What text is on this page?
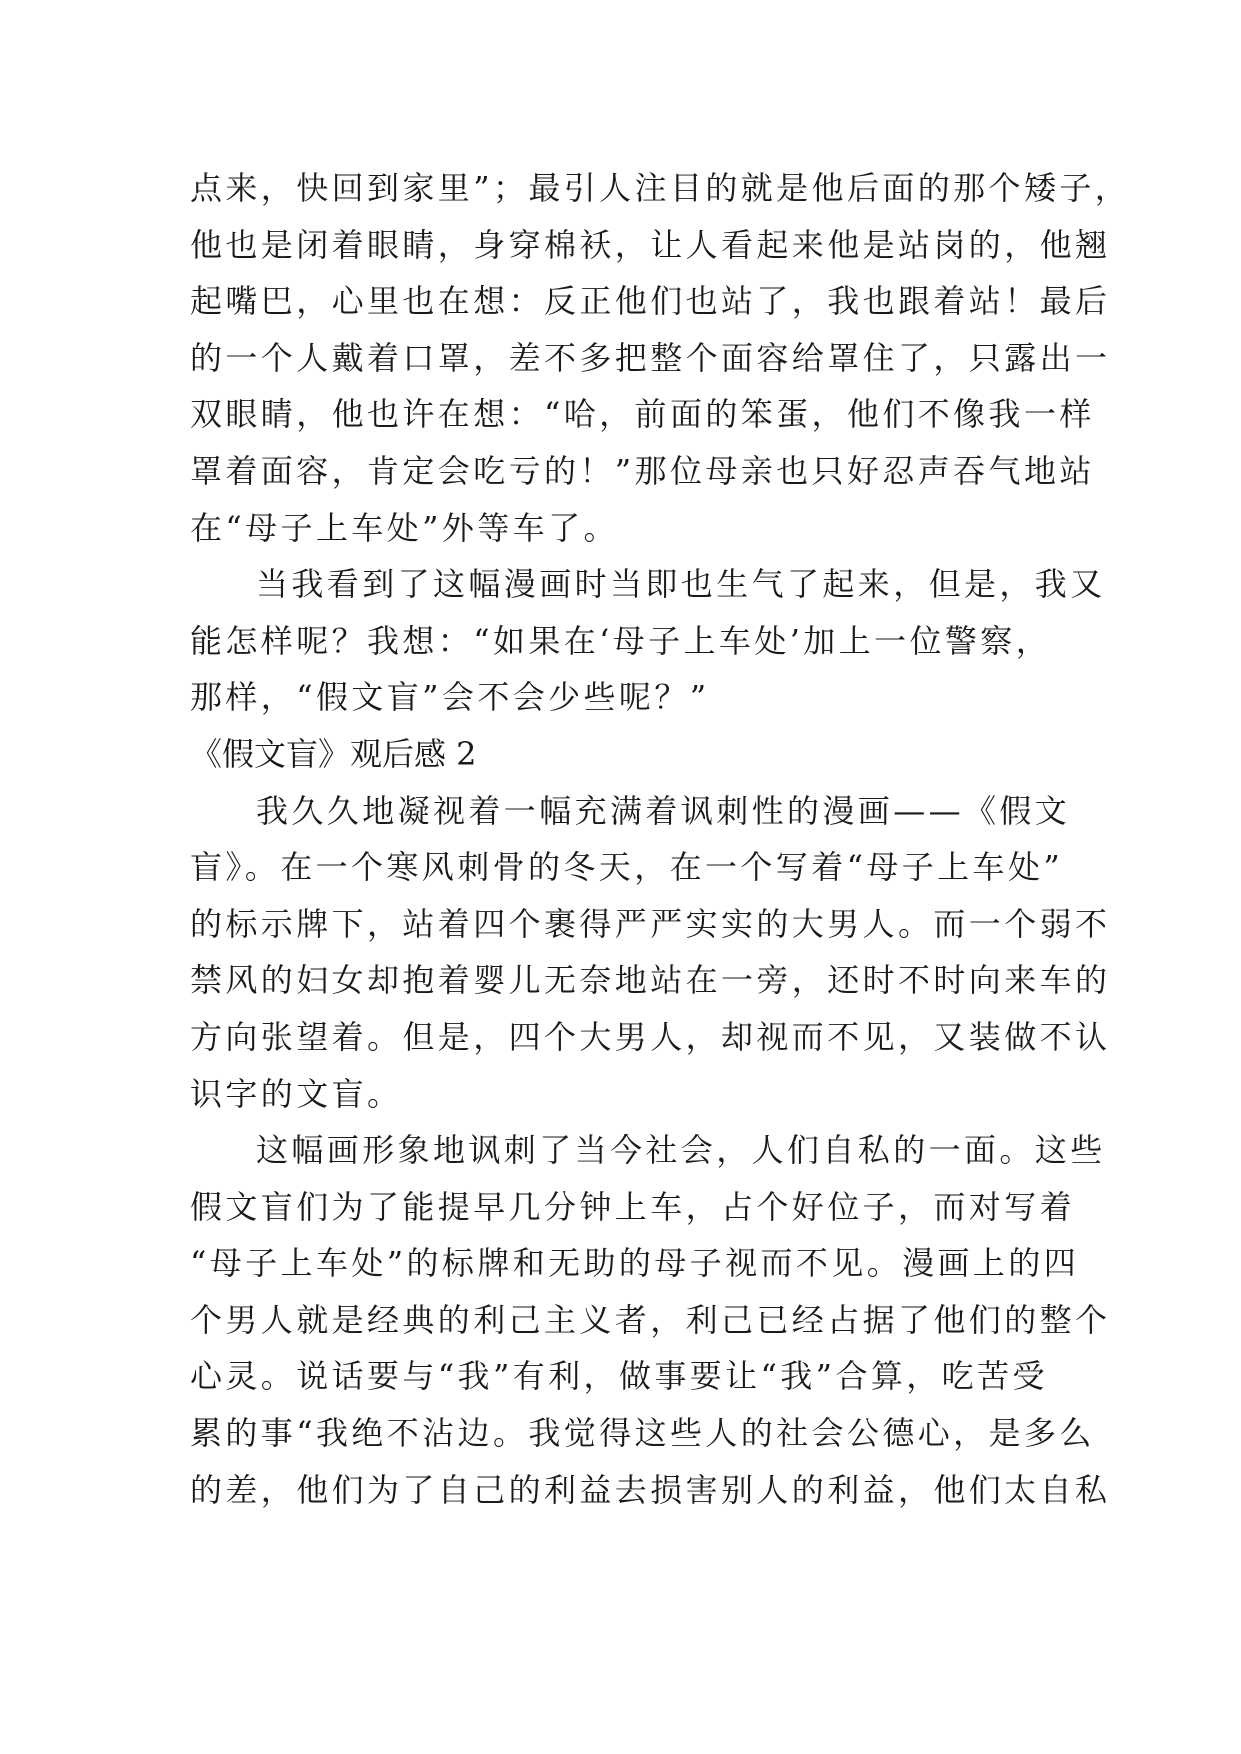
点来，快回到家里”；最引人注目的就是他后面的那个矮子，
他也是闭着眼睛，身穿棉袄，让人看起来他是站岗的，他翘
起嘴巴，心里也在想：反正他们也站了，我也跟着站！最后
的一个人戴着口罩，差不多把整个面容给罩住了，只露出一
双眼睛，他也许在想：“哈，前面的笨蛋，他们不像我一样
罩着面容，肯定会吃亏的！”那位母亲也只好忍声吞气地站
在“母子上车处”外等车了。
当我看到了这幅漫画时当即也生气了起来，但是，我又
能怎样呢？我想：“如果在‘母子上车处’加上一位警察，
那样，“假文盲”会不会少些呢？”
《假文盲》观后感 2
我久久地凝视着一幅充满着讽刺性的漫画——《假文
盲》。在一个寒风刺骨的冬天，在一个写着“母子上车处”
的标示牌下，站着四个裹得严严实实的大男人。而一个弱不
禁风的妇女却抱着婴儿无奈地站在一旁，还时不时向来车的
方向张望着。但是，四个大男人，却视而不见，又装做不认
识字的文盲。
这幅画形象地讽刺了当今社会，人们自私的一面。这些
假文盲们为了能提早几分钟上车，占个好位子，而对写着
“母子上车处”的标牌和无助的母子视而不见。漫画上的四
个男人就是经典的利己主义者，利己已经占据了他们的整个
心灵。说话要与“我”有利，做事要让“我”合算，吃苦受
累的事“我绝不沾边。我觉得这些人的社会公德心，是多么
的差，他们为了自己的利益去损害别人的利益，他们太自私
